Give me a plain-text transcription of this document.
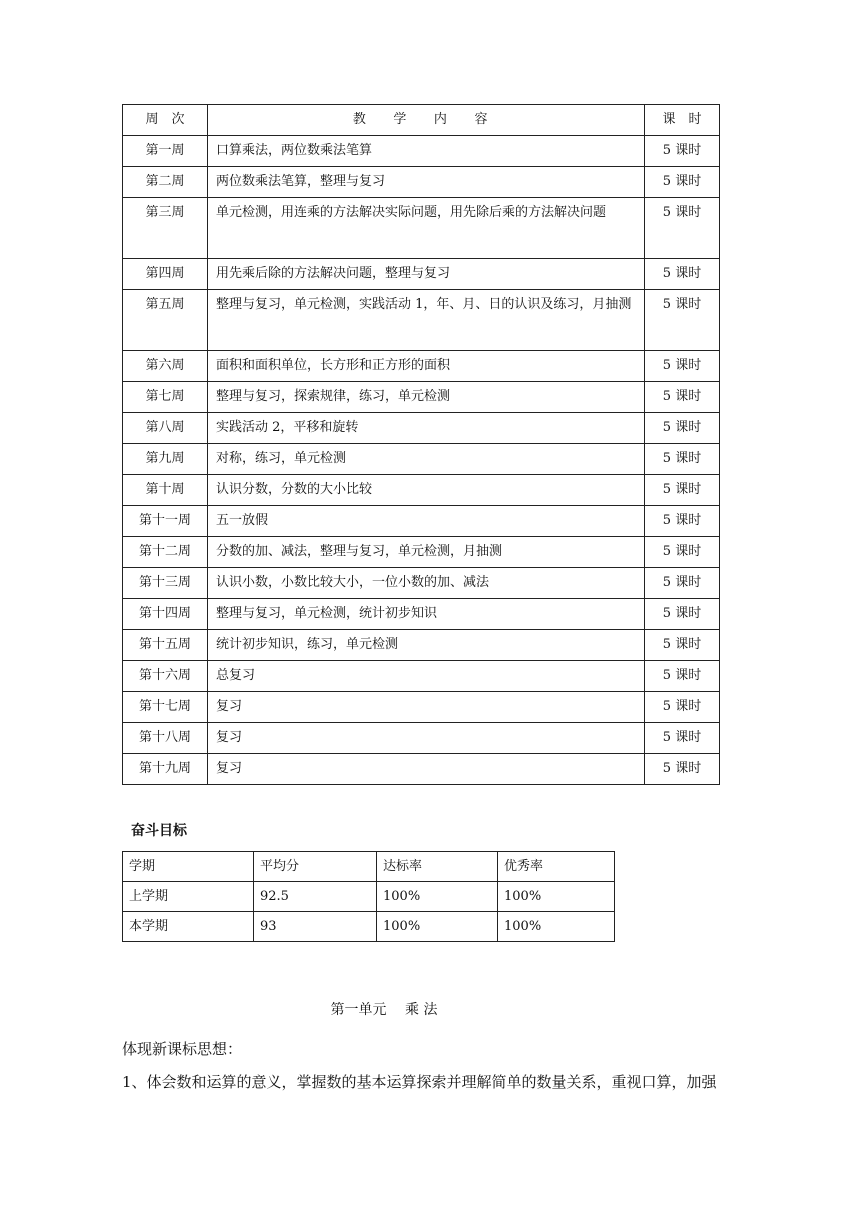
周　次	教 学 内 容	课　时
第一周	口算乘法，两位数乘法笔算	5 课时
第二周	两位数乘法笔算，整理与复习	5 课时
第三周	单元检测，用连乘的方法解决实际问题，用先除后乘的方法解决问题	5 课时
第四周	用先乘后除的方法解决问题，整理与复习	5 课时
第五周	整理与复习，单元检测，实践活动 1，年、月、日的认识及练习，月抽测	5 课时
第六周	面积和面积单位，长方形和正方形的面积	5 课时
第七周	整理与复习，探索规律，练习，单元检测	5 课时
第八周	实践活动 2，平移和旋转	5 课时
第九周	对称，练习，单元检测	5 课时
第十周	认识分数，分数的大小比较	5 课时
第十一周	五一放假	5 课时
第十二周	分数的加、减法，整理与复习，单元检测，月抽测	5 课时
第十三周	认识小数，小数比较大小，一位小数的加、减法	5 课时
第十四周	整理与复习，单元检测，统计初步知识	5 课时
第十五周	统计初步知识，练习，单元检测	5 课时
第十六周	总复习	5 课时
第十七周	复习	5 课时
第十八周	复习	5 课时
第十九周	复习	5 课时
奋斗目标
学期	平均分	达标率	优秀率
上学期	92.5	100%	100%
本学期	93	100%	100%
第一单元　 乘 法
体现新课标思想：
1、体会数和运算的意义，掌握数的基本运算探索并理解简单的数量关系，重视口算，加强
